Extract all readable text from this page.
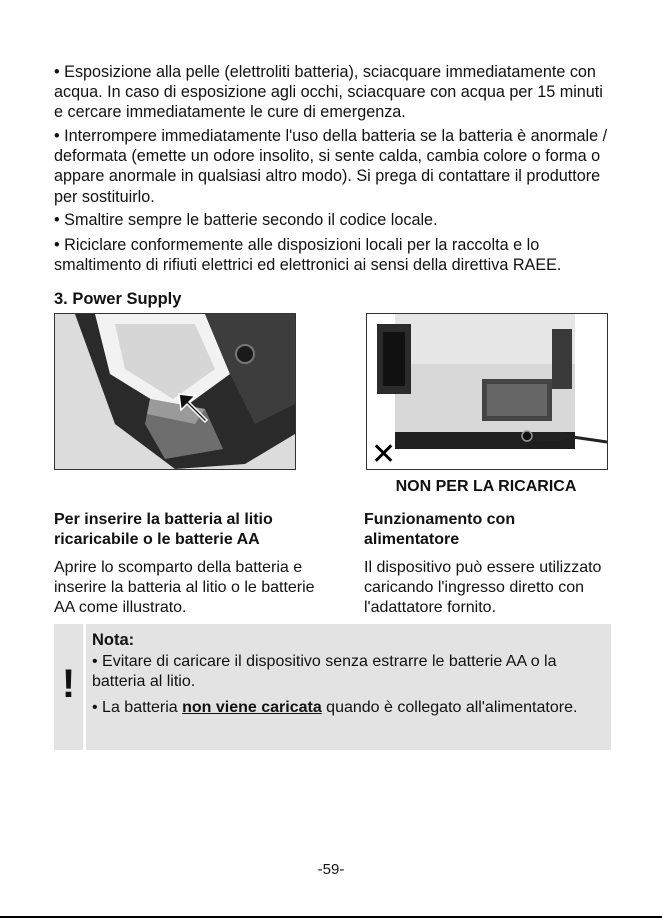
• Esposizione alla pelle (elettroliti batteria), sciacquare immediatamente con acqua. In caso di esposizione agli occhi, sciacquare con acqua per 15 minuti e cercare immediatamente le cure di emergenza.

• Interrompere immediatamente l'uso della batteria se la batteria è anormale / deformata (emette un odore insolito, si sente calda, cambia colore o forma o appare anormale in qualsiasi altro modo). Si prega di contattare il produttore per sostituirlo.

• Smaltire sempre le batterie secondo il codice locale.

• Riciclare conformemente alle disposizioni locali per la raccolta e lo smaltimento di rifiuti elettrici ed elettronici ai sensi della direttiva RAEE.

3. Power Supply
✕
NON PER LA RICARICA
Per inserire la batteria al litio ricaricabile o le batterie AA

Aprire lo scomparto della batteria e inserire la batteria al litio o le batterie AA come illustrato.

Funzionamento con alimentatore

Il dispositivo può essere utilizzato caricando l'ingresso diretto con l'adattatore fornito.

!

Nota:

• Evitare di caricare il dispositivo senza estrarre le batterie AA o la batteria al litio.

• La batteria non viene caricata quando è collegato all'alimentatore.

-59-
